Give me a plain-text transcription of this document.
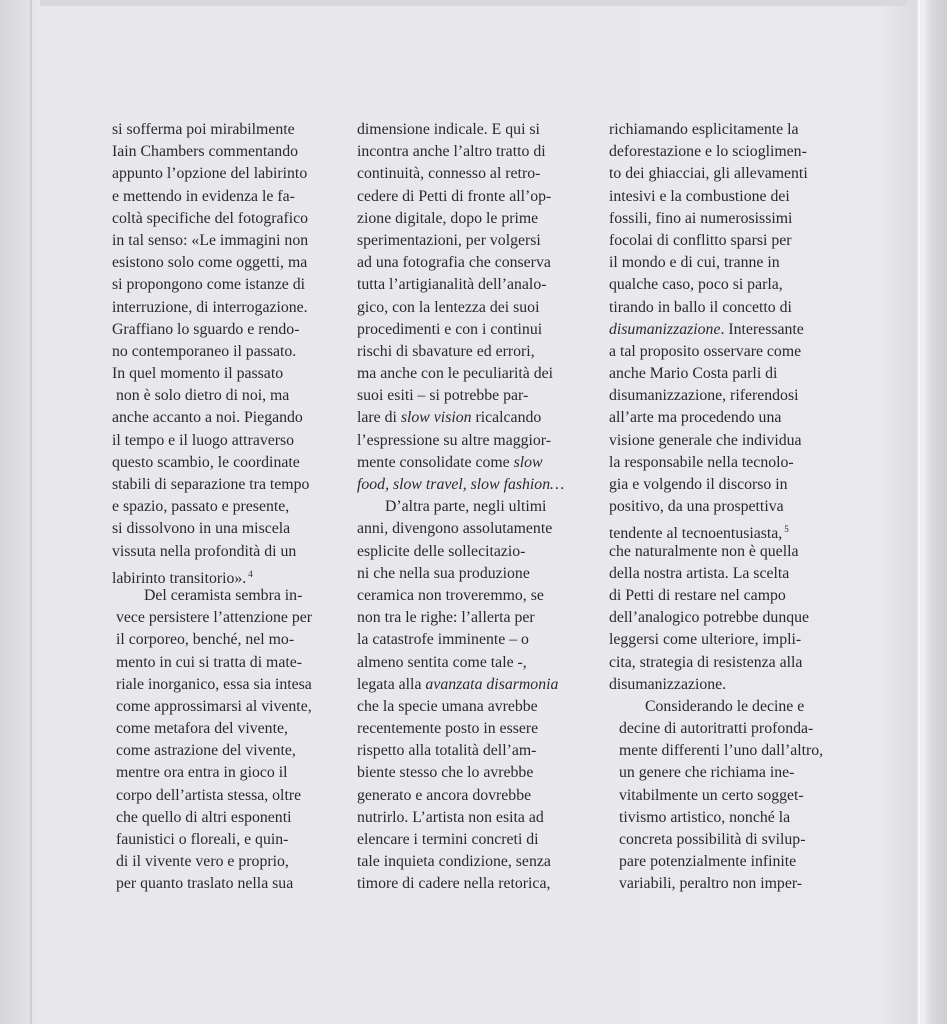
si sofferma poi mirabilmente
Iain Chambers commentando
appunto l’opzione del labirinto
e mettendo in evidenza le fa-
coltà specifiche del fotografico
in tal senso: «Le immagini non
esistono solo come oggetti, ma
si propongono come istanze di
interruzione, di interrogazione.
Graffiano lo sguardo e rendo-
no contemporaneo il passato.
In quel momento il passato
non è solo dietro di noi, ma
anche accanto a noi. Piegando
il tempo e il luogo attraverso
questo scambio, le coordinate
stabili di separazione tra tempo
e spazio, passato e presente,
si dissolvono in una miscela
vissuta nella profondità di un
labirinto transitorio». $^4$
Del ceramista sembra in-
vece persistere l’attenzione per
il corporeo, benché, nel mo-
mento in cui si tratta di mate-
riale inorganico, essa sia intesa
come approssimarsi al vivente,
come metafora del vivente,
come astrazione del vivente,
mentre ora entra in gioco il
corpo dell’artista stessa, oltre
che quello di altri esponenti
faunistici o floreali, e quin-
di il vivente vero e proprio,
per quanto traslato nella sua
dimensione indicale. E qui si
incontra anche l’altro tratto di
continuità, connesso al retro-
cedere di Petti di fronte all’op-
zione digitale, dopo le prime
sperimentazioni, per volgersi
ad una fotografia che conserva
tutta l’artigianalità dell’analo-
gico, con la lentezza dei suoi
procedimenti e con i continui
rischi di sbavature ed errori,
ma anche con le peculiarità dei
suoi esiti – si potrebbe par-
lare di slow vision ricalcando
l’espressione su altre maggior-
mente consolidate come slow
food, slow travel, slow fashion…
D’altra parte, negli ultimi
anni, divengono assolutamente
esplicite delle sollecitazio-
ni che nella sua produzione
ceramica non troveremmo, se
non tra le righe: l’allerta per
la catastrofe imminente – o
almeno sentita come tale -,
legata alla avanzata disarmonia
che la specie umana avrebbe
recentemente posto in essere
rispetto alla totalità dell’am-
biente stesso che lo avrebbe
generato e ancora dovrebbe
nutrirlo. L’artista non esita ad
elencare i termini concreti di
tale inquieta condizione, senza
timore di cadere nella retorica,
richiamando esplicitamente la
deforestazione e lo scioglimen-
to dei ghiacciai, gli allevamenti
intesivi e la combustione dei
fossili, fino ai numerosissimi
focolai di conflitto sparsi per
il mondo e di cui, tranne in
qualche caso, poco si parla,
tirando in ballo il concetto di
disumanizzazione. Interessante
a tal proposito osservare come
anche Mario Costa parli di
disumanizzazione, riferendosi
all’arte ma procedendo una
visione generale che individua
la responsabile nella tecnolo-
gia e volgendo il discorso in
positivo, da una prospettiva
tendente al tecnoentusiasta, $^5$
che naturalmente non è quella
della nostra artista. La scelta
di Petti di restare nel campo
dell’analogico potrebbe dunque
leggersi come ulteriore, impli-
cita, strategia di resistenza alla
disumanizzazione.
Considerando le decine e
decine di autoritratti profonda-
mente differenti l’uno dall’altro,
un genere che richiama ine-
vitabilmente un certo sogget-
tivismo artistico, nonché la
concreta possibilità di svilup-
pare potenzialmente infinite
variabili, peraltro non imper-
